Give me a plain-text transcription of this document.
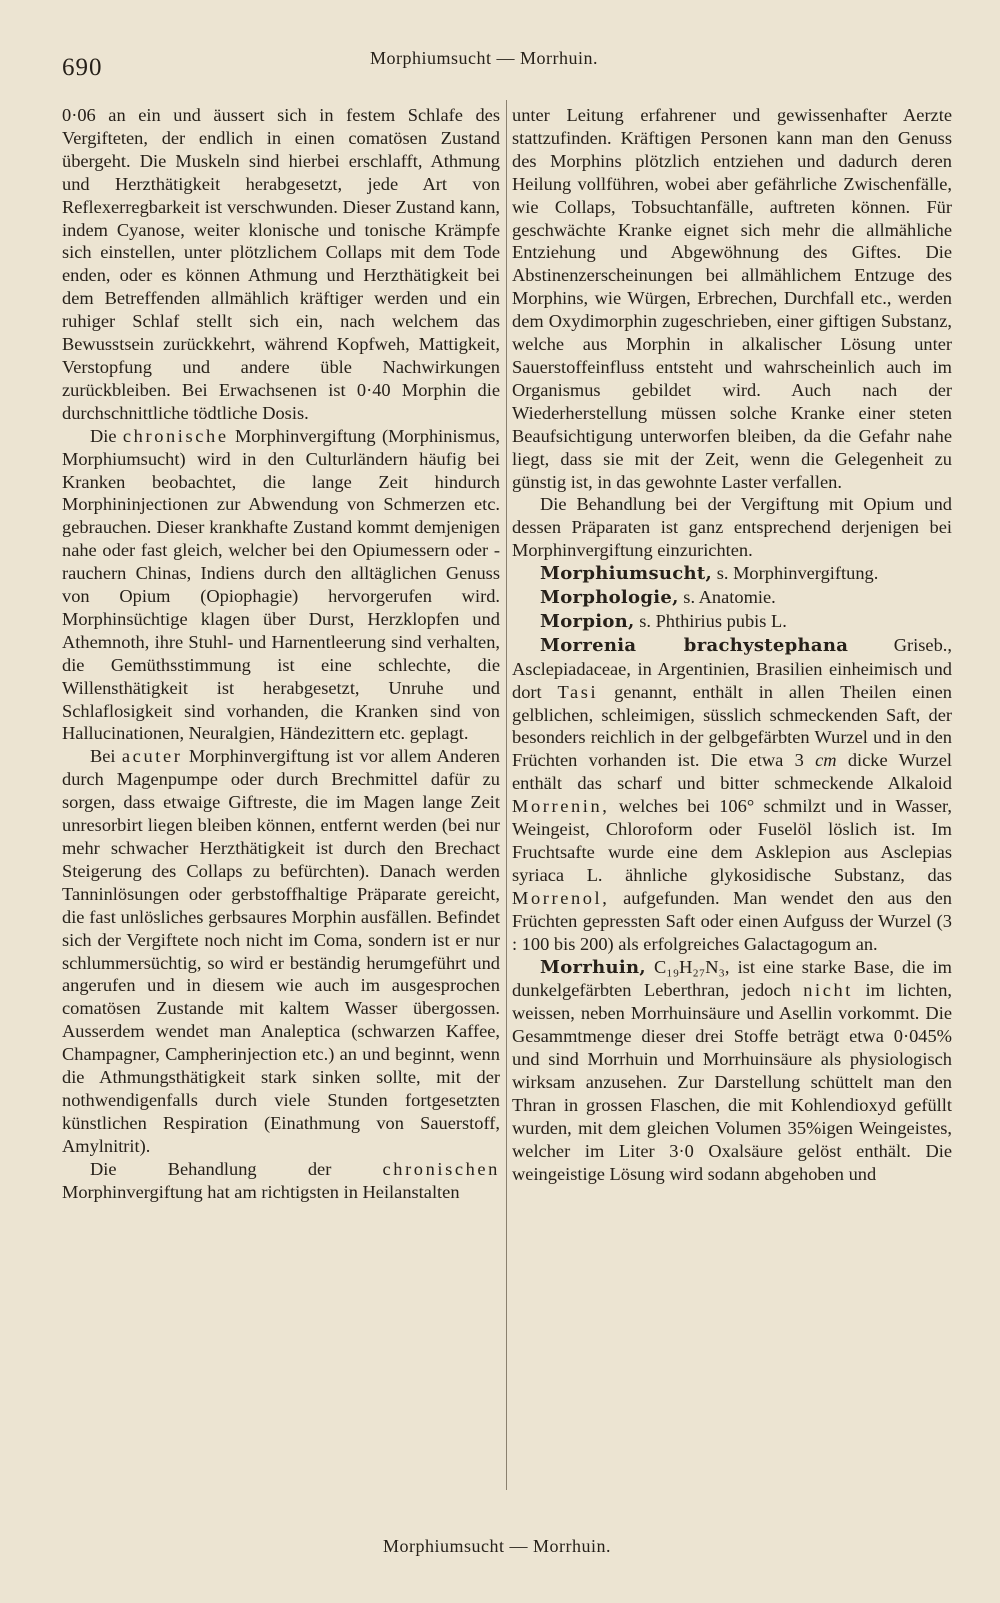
690	Morphiumsucht — Morrhuin.

0·06 an ein und äussert sich in festem Schlafe des Vergifteten, der endlich in einen comatösen Zustand übergeht. Die Muskeln sind hierbei erschlafft, Athmung und Herzthätigkeit herabgesetzt, jede Art von Reflexerregbarkeit ist verschwunden. Dieser Zustand kann, indem Cyanose, weiter klonische und tonische Krämpfe sich einstellen, unter plötzlichem Collaps mit dem Tode enden, oder es können Athmung und Herzthätigkeit bei dem Betreffenden allmählich kräftiger werden und ein ruhiger Schlaf stellt sich ein, nach welchem das Bewusstsein zurückkehrt, während Kopfweh, Mattigkeit, Verstopfung und andere üble Nachwirkungen zurückbleiben. Bei Erwachsenen ist 0·40 Morphin die durchschnittliche tödtliche Dosis.

Die chronische Morphinvergiftung (Morphinismus, Morphiumsucht) wird in den Culturländern häufig bei Kranken beobachtet, die lange Zeit hindurch Morphininjectionen zur Abwendung von Schmerzen etc. gebrauchen. Dieser krankhafte Zustand kommt demjenigen nahe oder fast gleich, welcher bei den Opiumessern oder -rauchern Chinas, Indiens durch den alltäglichen Genuss von Opium (Opiophagie) hervorgerufen wird. Morphinsüchtige klagen über Durst, Herzklopfen und Athemnoth, ihre Stuhl- und Harnentleerung sind verhalten, die Gemüthsstimmung ist eine schlechte, die Willensthätigkeit ist herabgesetzt, Unruhe und Schlaflosigkeit sind vorhanden, die Kranken sind von Hallucinationen, Neuralgien, Händezittern etc. geplagt.

Bei acuter Morphinvergiftung ist vor allem Anderen durch Magenpumpe oder durch Brechmittel dafür zu sorgen, dass etwaige Giftreste, die im Magen lange Zeit unresorbirt liegen bleiben können, entfernt werden (bei nur mehr schwacher Herzthätigkeit ist durch den Brechact Steigerung des Collaps zu befürchten). Danach werden Tanninlösungen oder gerbstoffhaltige Präparate gereicht, die fast unlösliches gerbsaures Morphin ausfällen. Befindet sich der Vergiftete noch nicht im Coma, sondern ist er nur schlummersüchtig, so wird er beständig herumgeführt und angerufen und in diesem wie auch im ausgesprochen comatösen Zustande mit kaltem Wasser übergossen. Ausserdem wendet man Analeptica (schwarzen Kaffee, Champagner, Campherinjection etc.) an und beginnt, wenn die Athmungsthätigkeit stark sinken sollte, mit der nothwendigenfalls durch viele Stunden fortgesetzten künstlichen Respiration (Einathmung von Sauerstoff, Amylnitrit).

Die Behandlung der	chronischen Morphinvergiftung hat am richtigsten in Heilanstalten

unter Leitung erfahrener und gewissenhafter Aerzte stattzufinden. Kräftigen Personen kann man den Genuss des Morphins plötzlich entziehen und dadurch deren Heilung vollführen, wobei aber gefährliche Zwischenfälle, wie Collaps, Tobsuchtanfälle, auftreten können. Für geschwächte Kranke eignet sich mehr die allmähliche Entziehung und Abgewöhnung des Giftes. Die Abstinenzerscheinungen bei allmählichem Entzuge des Morphins, wie Würgen, Erbrechen, Durchfall etc., werden dem Oxydimorphin zugeschrieben, einer giftigen Substanz, welche aus Morphin in alkalischer Lösung unter Sauerstoffeinfluss entsteht und wahrscheinlich auch im Organismus gebildet wird. Auch nach der Wiederherstellung müssen solche Kranke einer steten Beaufsichtigung unterworfen bleiben, da die Gefahr nahe liegt, dass sie mit der Zeit, wenn die Gelegenheit zu günstig ist, in das gewohnte Laster verfallen.

Die Behandlung bei der Vergiftung mit Opium und dessen Präparaten ist ganz entsprechend derjenigen bei Morphinvergiftung einzurichten.

Morphiumsucht, s. Morphinvergiftung.

Morphologie, s. Anatomie.

Morpion, s. Phthirius pubis L.

Morrenia brachystephana Griseb., Asclepiadaceae, in Argentinien, Brasilien einheimisch und dort Tasi genannt, enthält in allen Theilen einen gelblichen, schleimigen, süsslich schmeckenden Saft, der besonders reichlich in der gelbgefärbten Wurzel und in den Früchten vorhanden ist. Die etwa 3 cm dicke Wurzel enthält das scharf und bitter schmeckende Alkaloid Morrenin, welches bei 106° schmilzt und in Wasser, Weingeist, Chloroform oder Fuselöl löslich ist. Im Fruchtsafte wurde eine dem Asklepion aus Asclepias syriaca L. ähnliche glykosidische Substanz, das Morrenol, aufgefunden. Man wendet den aus den Früchten gepressten Saft oder einen Aufguss der Wurzel (3 : 100 bis 200) als erfolgreiches Galactagogum an.

Morrhuin, C₁₉H₂₇N₃, ist eine starke Base, die im dunkelgefärbten Leberthran, jedoch nicht im lichten, weissen, neben Morrhuinsäure und Asellin vorkommt. Die Gesammtmenge dieser drei Stoffe beträgt etwa 0·045% und sind Morrhuin und Morrhuinsäure als physiologisch wirksam anzusehen. Zur Darstellung schüttelt man den Thran in grossen Flaschen, die mit Kohlendioxyd gefüllt wurden, mit dem gleichen Volumen 35%igen Weingeistes, welcher im Liter 3·0 Oxalsäure gelöst enthält. Die weingeistige Lösung wird sodann abgehoben und

Morphiumsucht — Morrhuin.
